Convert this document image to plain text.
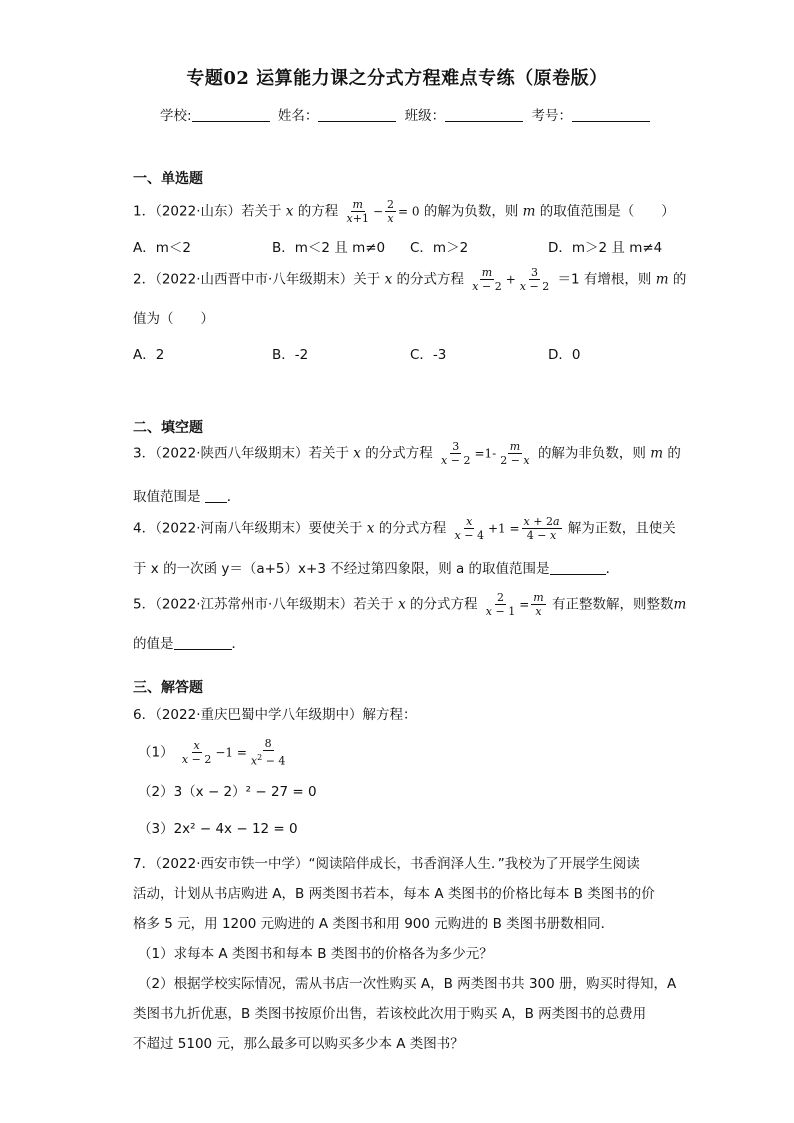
专题02 运算能力课之分式方程难点专练（原卷版）
学校:	姓名：	班级：	考号：
一、单选题
1．（2022·山东）若关于 x 的方程 $\frac{m}{x+1} - \frac{2}{x} = 0$ 的解为负数，则 m 的取值范围是（　　）
A．m＜2	B．m＜2 且 m≠0 C．m＞2	D．m＞2 且 m≠4
2．（2022·山西晋中市·八年级期末）关于 x 的分式方程 $\frac{m}{x - 2} + \frac{3}{x - 2} =1$ 有增根，则 m 的
值为（　　）
A．2	B．-2	C．-3	D．0
二、填空题
3．（2022·陕西八年级期末）若关于 x 的分式方程 $\frac{3}{x - 2} =1- \frac{m}{2 - x}$ 的解为非负数，则 m 的
取值范围是 ．
4．（2022·河南八年级期末）要使关于 x 的分式方程 $\frac{x}{x - 4} +1 = \frac{x + 2a}{4 - x}$ 解为正数，且使关
于 x 的一次函 y＝（a+5）x+3 不经过第四象限，则 a 的取值范围是	．
5．（2022·江苏常州市·八年级期末）若关于 x 的分式方程 $\frac{2}{x - 1} = \frac{m}{x}$ 有正整数解，则整数m
的值是	．
三、解答题
6．（2022·重庆巴蜀中学八年级期中）解方程：
$(1) \frac{x}{x - 2} -1 = \frac{8}{x^2 - 4}$
（2）3（x − 2）² − 27 = 0
（3）2x² − 4x − 12 = 0
7．（2022·西安市铁一中学）“阅读陪伴成长，书香润泽人生．”我校为了开展学生阅读
活动，计划从书店购进 A，B 两类图书若本，每本 A 类图书的价格比每本 B 类图书的价
格多 5 元，用 1200 元购进的 A 类图书和用 900 元购进的 B 类图书册数相同．
（1）求每本 A 类图书和每本 B 类图书的价格各为多少元？
（2）根据学校实际情况，需从书店一次性购买 A，B 两类图书共 300 册，购买时得知，A
类图书九折优惠，B 类图书按原价出售，若该校此次用于购买 A，B 两类图书的总费用
不超过 5100 元，那么最多可以购买多少本 A 类图书？
